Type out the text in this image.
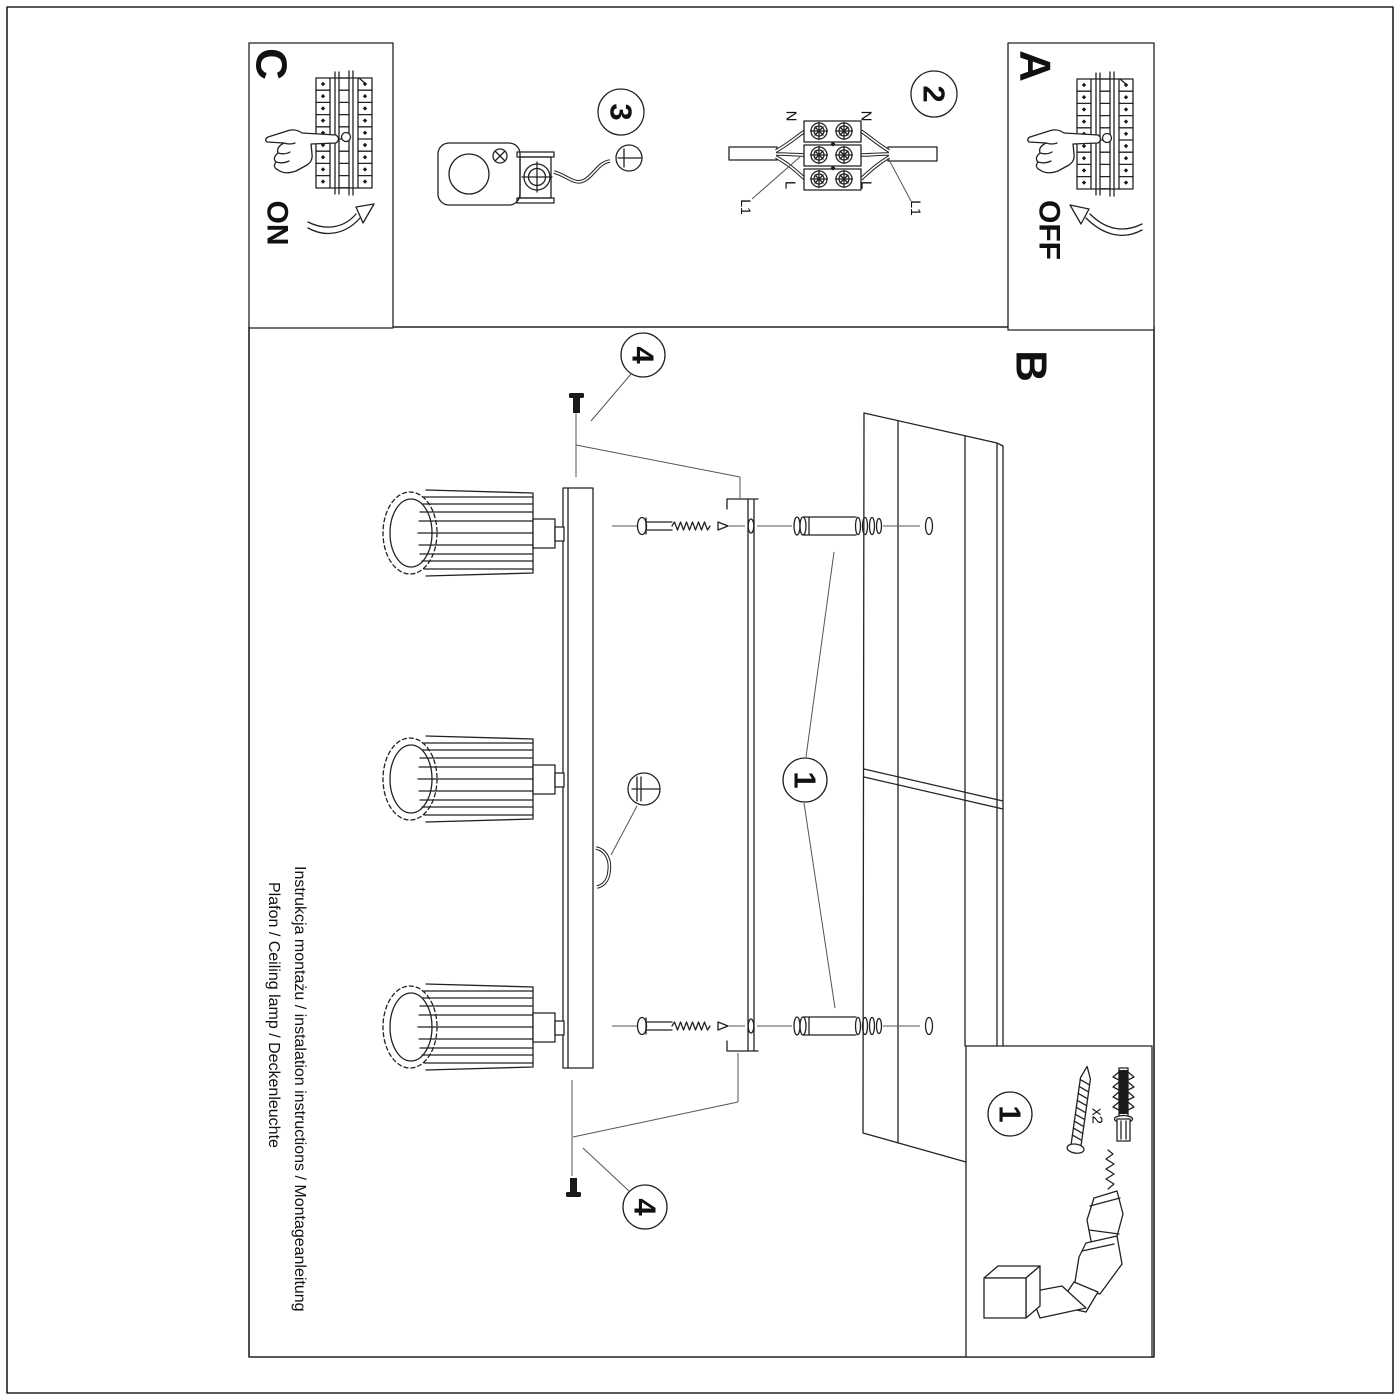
Instrukcja montażu / instalation instructions / Montageanleitung
Plafon / Ceiling lamp / Deckenleuchte
B
C
ON
A
OFF
3
2
N	N
L	L
L1	L1
4
4
1
1	x2
